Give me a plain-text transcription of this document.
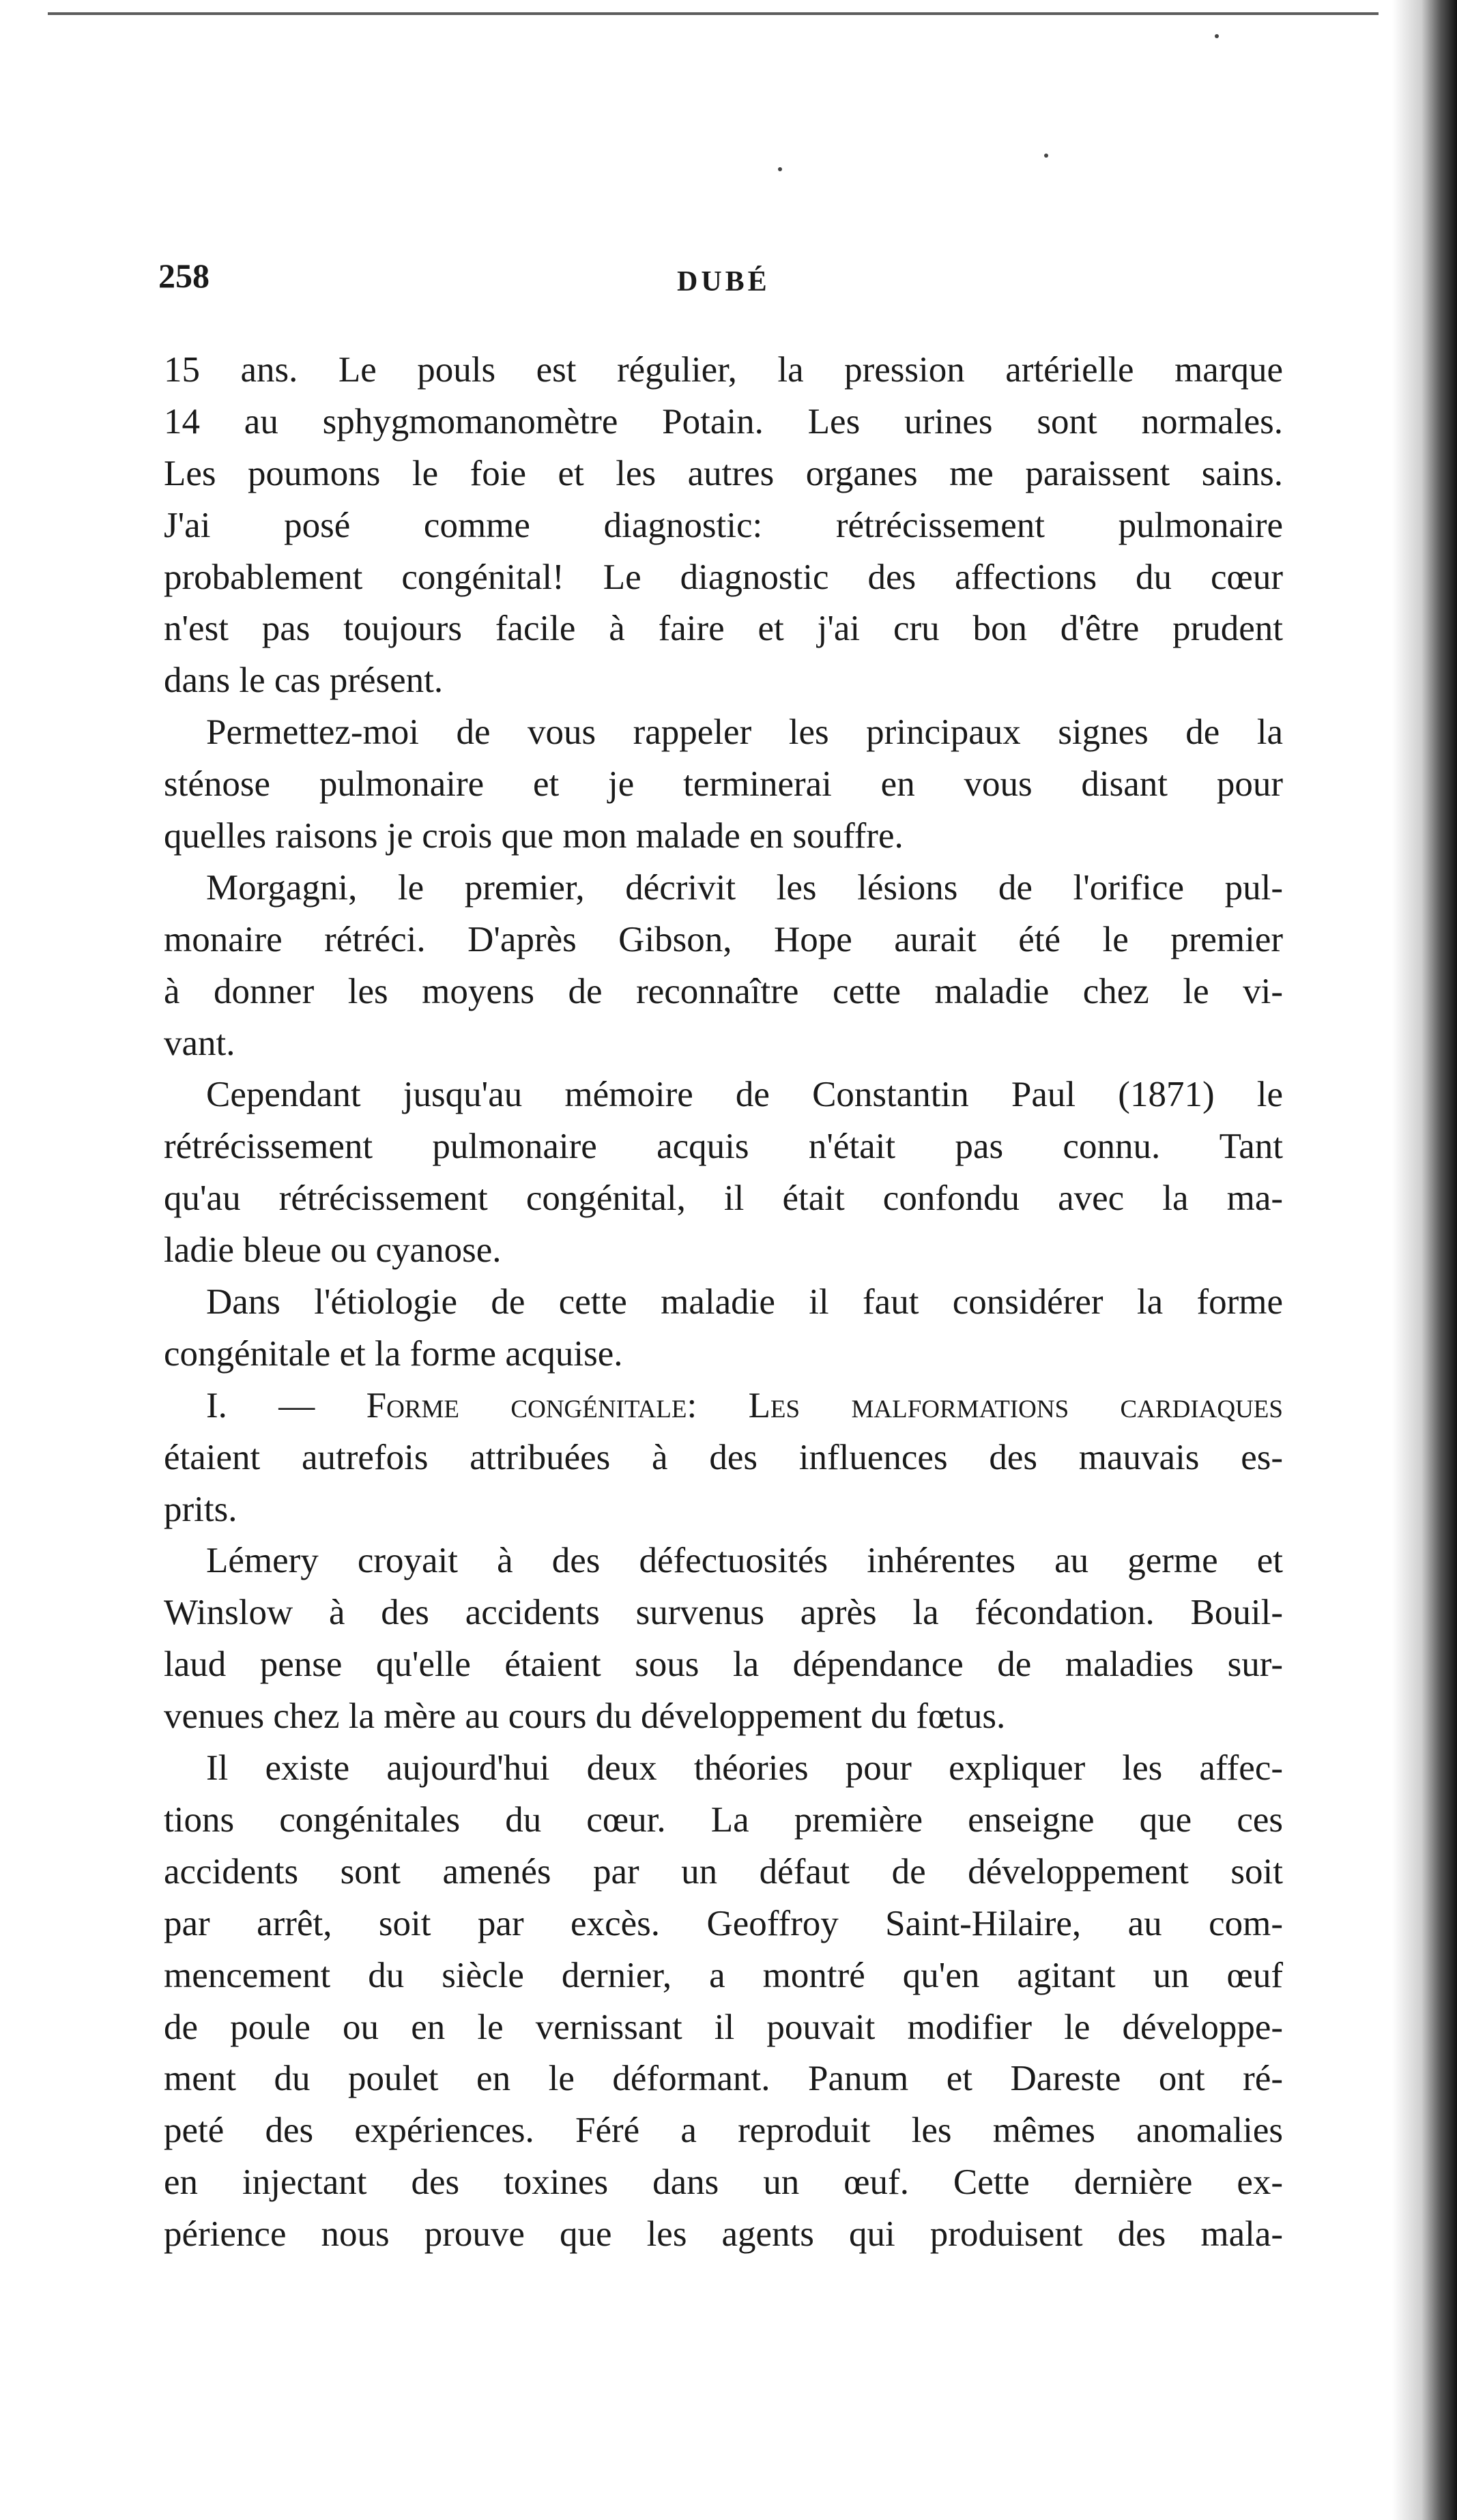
258	DUBÉ
15 ans. Le pouls est régulier, la pression artérielle marque
14 au sphygmomanomètre Potain. Les urines sont normales.
Les poumons le foie et les autres organes me paraissent sains.
J'ai posé comme diagnostic: rétrécissement pulmonaire
probablement congénital! Le diagnostic des affections du cœur
n'est pas toujours facile à faire et j'ai cru bon d'être prudent
dans le cas présent.
Permettez-moi de vous rappeler les principaux signes de la
sténose pulmonaire et je terminerai en vous disant pour
quelles raisons je crois que mon malade en souffre.
Morgagni, le premier, décrivit les lésions de l'orifice pul-
monaire rétréci. D'après Gibson, Hope aurait été le premier
à donner les moyens de reconnaître cette maladie chez le vi-
vant.
Cependant jusqu'au mémoire de Constantin Paul (1871) le
rétrécissement pulmonaire acquis n'était pas connu. Tant
qu'au rétrécissement congénital, il était confondu avec la ma-
ladie bleue ou cyanose.
Dans l'étiologie de cette maladie il faut considérer la forme
congénitale et la forme acquise.
I. — Forme congénitale: Les malformations cardiaques
étaient autrefois attribuées à des influences des mauvais es-
prits.
Lémery croyait à des défectuosités inhérentes au germe et
Winslow à des accidents survenus après la fécondation. Bouil-
laud pense qu'elle étaient sous la dépendance de maladies sur-
venues chez la mère au cours du développement du fœtus.
Il existe aujourd'hui deux théories pour expliquer les affec-
tions congénitales du cœur. La première enseigne que ces
accidents sont amenés par un défaut de développement soit
par arrêt, soit par excès. Geoffroy Saint-Hilaire, au com-
mencement du siècle dernier, a montré qu'en agitant un œuf
de poule ou en le vernissant il pouvait modifier le développe-
ment du poulet en le déformant. Panum et Dareste ont ré-
peté des expériences. Féré a reproduit les mêmes anomalies
en injectant des toxines dans un œuf. Cette dernière ex-
périence nous prouve que les agents qui produisent des mala-
